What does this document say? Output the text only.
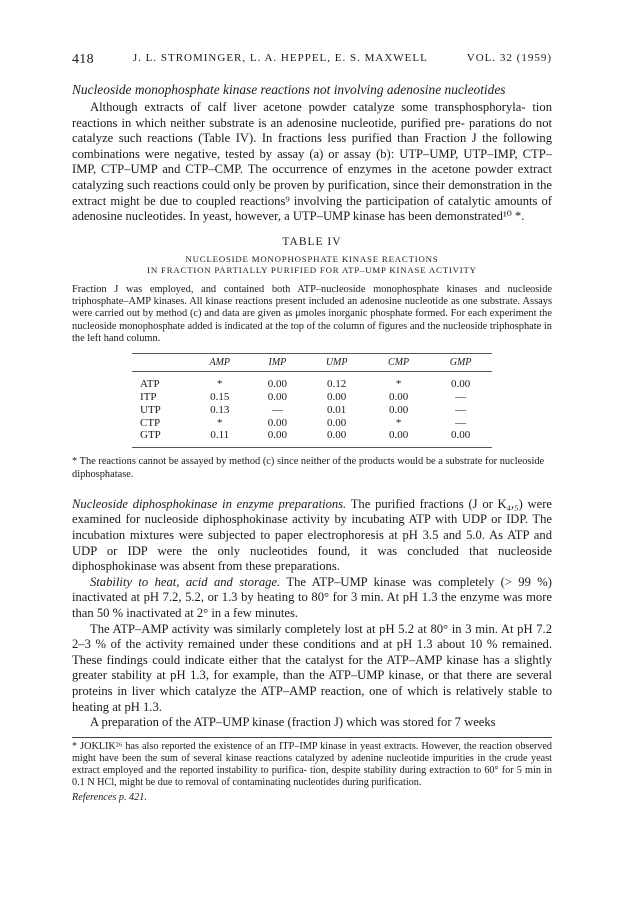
418	J. L. STROMINGER, L. A. HEPPEL, E. S. MAXWELL	VOL. 32 (1959)
Nucleoside monophosphate kinase reactions not involving adenosine nucleotides

Although extracts of calf liver acetone powder catalyze some transphosphoryla- tion reactions in which neither substrate is an adenosine nucleotide, purified pre- parations do not catalyze such reactions (Table IV). In fractions less purified than Fraction J the following combinations were negative, tested by assay (a) or assay (b): UTP–UMP, UTP–IMP, CTP–IMP, CTP–UMP and CTP–CMP. The occurrence of enzymes in the acetone powder extract catalyzing such reactions could only be proven by purification, since their demonstration in the extract might be due to coupled reactions⁹ involving the participation of catalytic amounts of adenosine nucleotides. In yeast, however, a UTP–UMP kinase has been demonstrated¹⁰ *.

TABLE IV
NUCLEOSIDE MONOPHOSPHATE KINASE REACTIONS
IN FRACTION PARTIALLY PURIFIED FOR ATP–UMP KINASE ACTIVITY
Fraction J was employed, and contained both ATP–nucleoside monophosphate kinases and nucleoside triphosphate–AMP kinases. All kinase reactions present included an adenosine nucleotide as one substrate. Assays were carried out by method (c) and data are given as μmoles inorganic phosphate formed. For each experiment the nucleoside monophosphate added is indicated at the top of the column of figures and the nucleoside triphosphate in the left hand column.
	AMP	IMP	UMP	CMP	GMP
ATP	*	0.00	0.12	*	0.00
ITP	0.15	0.00	0.00	0.00	—
UTP	0.13	—	0.01	0.00	—
CTP	*	0.00	0.00	*	—
GTP	0.11	0.00	0.00	0.00	0.00
* The reactions cannot be assayed by method (c) since neither of the products would be a substrate for nucleoside diphosphatase.

Nucleoside diphosphokinase in enzyme preparations. The purified fractions (J or K₄,₅) were examined for nucleoside diphosphokinase activity by incubating ATP with UDP or IDP. The incubation mixtures were subjected to paper electrophoresis at pH 3.5 and 5.0. As ATP and UDP or IDP were the only nucleotides found, it was concluded that nucleoside diphosphokinase was absent from these preparations.

Stability to heat, acid and storage. The ATP–UMP kinase was completely (> 99 %) inactivated at pH 7.2, 5.2, or 1.3 by heating to 80° for 3 min. At pH 1.3 the enzyme was more than 50 % inactivated at 2° in a few minutes.

The ATP–AMP activity was similarly completely lost at pH 5.2 at 80° in 3 min. At pH 7.2 2–3 % of the activity remained under these conditions and at pH 1.3 about 10 % remained. These findings could indicate either that the catalyst for the ATP–AMP kinase has a slightly greater stability at pH 1.3, for example, than the ATP–UMP kinase, or that there are several proteins in liver which catalyze the ATP–AMP reaction, one of which is relatively stable to heating at pH 1.3.

A preparation of the ATP–UMP kinase (fraction J) which was stored for 7 weeks

* JOKLIK²⁶ has also reported the existence of an ITP–IMP kinase in yeast extracts. However, the reaction observed might have been the sum of several kinase reactions catalyzed by adenine nucleotide impurities in the crude yeast extract employed and the reported instability to purifica- tion, despite stability during extraction to 60° for 5 min in 0.1 N HCl, might be due to removal of contaminating nucleotides during purification.
References p. 421.
